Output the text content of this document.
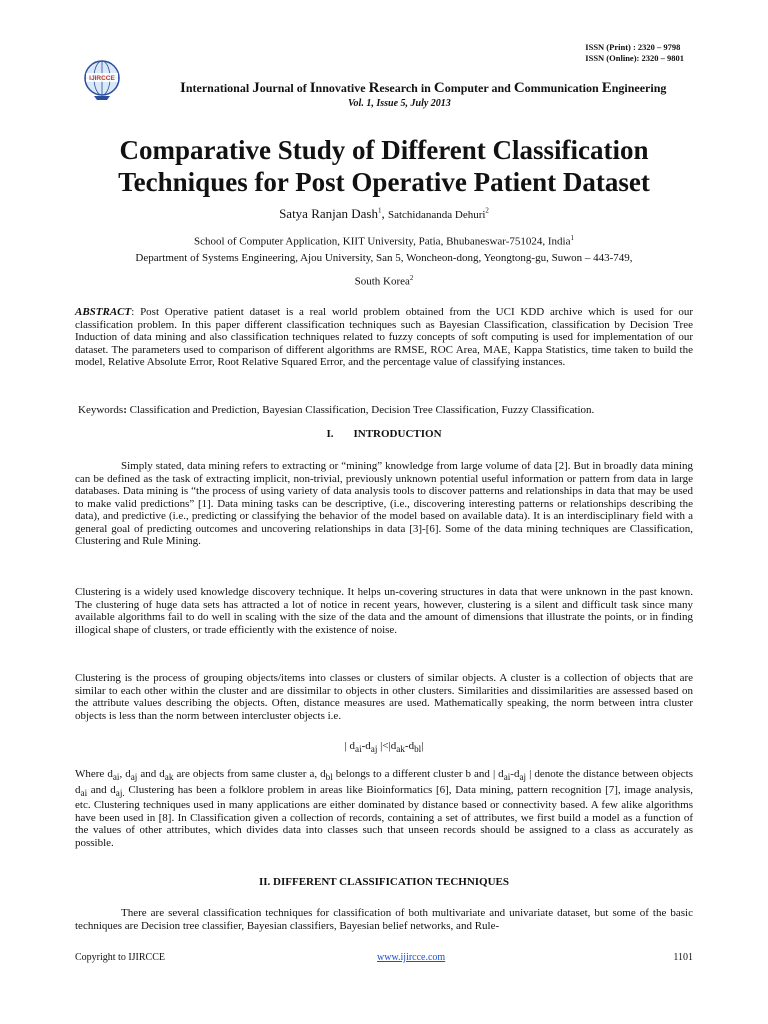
ISSN (Print) : 2320 – 9798
ISSN (Online): 2320 – 9801
IJIRCCE
International Journal of Innovative Research in Computer and Communication Engineering
Vol. 1, Issue 5, July 2013
Comparative Study of Different Classification
Techniques for Post Operative Patient Dataset
Satya Ranjan Dash$^1$, Satchidananda Dehuri$^2$
School of Computer Application, KIIT University, Patia, Bhubaneswar-751024, India$^1$
Department of Systems Engineering, Ajou University, San 5, Woncheon-dong, Yeongtong-gu, Suwon – 443-749,
South Korea$^2$

ABSTRACT: Post Operative patient dataset is a real world problem obtained from the UCI KDD archive which is used for our classification problem. In this paper different classification techniques such as Bayesian Classification, classification by Decision Tree Induction of data mining and also classification techniques related to fuzzy concepts of soft computing is used for implementation of our dataset. The parameters used to comparison of different algorithms are RMSE, ROC Area, MAE, Kappa Statistics, time taken to build the model, Relative Absolute Error, Root Relative Squared Error, and the percentage value of classifying instances.

Keywords: Classification and Prediction, Bayesian Classification, Decision Tree Classification, Fuzzy Classification.

I. INTRODUCTION

Simply stated, data mining refers to extracting or “mining” knowledge from large volume of data [2]. But in broadly data mining can be defined as the task of extracting implicit, non-trivial, previously unknown potential useful information or pattern from data in large databases. Data mining is “the process of using variety of data analysis tools to discover patterns and relationships in data that may be used to make valid predictions” [1]. Data mining tasks can be descriptive, (i.e., discovering interesting patterns or relationships describing the data), and predictive (i.e., predicting or classifying the behavior of the model based on available data). It is an interdisciplinary field with a general goal of predicting outcomes and uncovering relationships in data [3]-[6]. Some of the data mining techniques are Classification, Clustering and Rule Mining.

Clustering is a widely used knowledge discovery technique. It helps un-covering structures in data that were unknown in the past known. The clustering of huge data sets has attracted a lot of notice in recent years, however, clustering is a silent and difficult task since many available algorithms fail to do well in scaling with the size of the data and the amount of dimensions that illustrate the points, or in finding illogical shape of clusters, or trade efficiently with the existence of noise.

Clustering is the process of grouping objects/items into classes or clusters of similar objects. A cluster is a collection of objects that are similar to each other within the cluster and are dissimilar to objects in other clusters. Similarities and dissimilarities are assessed based on the attribute values describing the objects. Often, distance measures are used. Mathematically speaking, the norm between intra cluster objects is less than the norm between intercluster objects i.e.

| $d_{ai}-d_{aj}$ $|<|d_{ak}-d_{bl}|$

Where $d_{ai}$, $d_{aj}$ and $d_{ak}$ are objects from same cluster a, $d_{bl}$ belongs to a different cluster b and | $d_{ai}-d_{aj}$ | denote the distance between objects $d_{ai}$ and $d_{aj.}$ Clustering has been a folklore problem in areas like Bioinformatics [6], Data mining, pattern recognition [7], image analysis, etc. Clustering techniques used in many applications are either dominated by distance based or connectivity based. A few alike algorithms have been used in [8]. In Classification given a collection of records, containing a set of attributes, we first build a model as a function of the values of other attributes, which divides data into classes such that unseen records should be assigned to a class as accurately as possible.

II. DIFFERENT CLASSIFICATION TECHNIQUES

There are several classification techniques for classification of both multivariate and univariate dataset, but some of the basic techniques are Decision tree classifier, Bayesian classifiers, Bayesian belief networks, and Rule-

Copyright to IJIRCCE	www.ijircce.com	1101
